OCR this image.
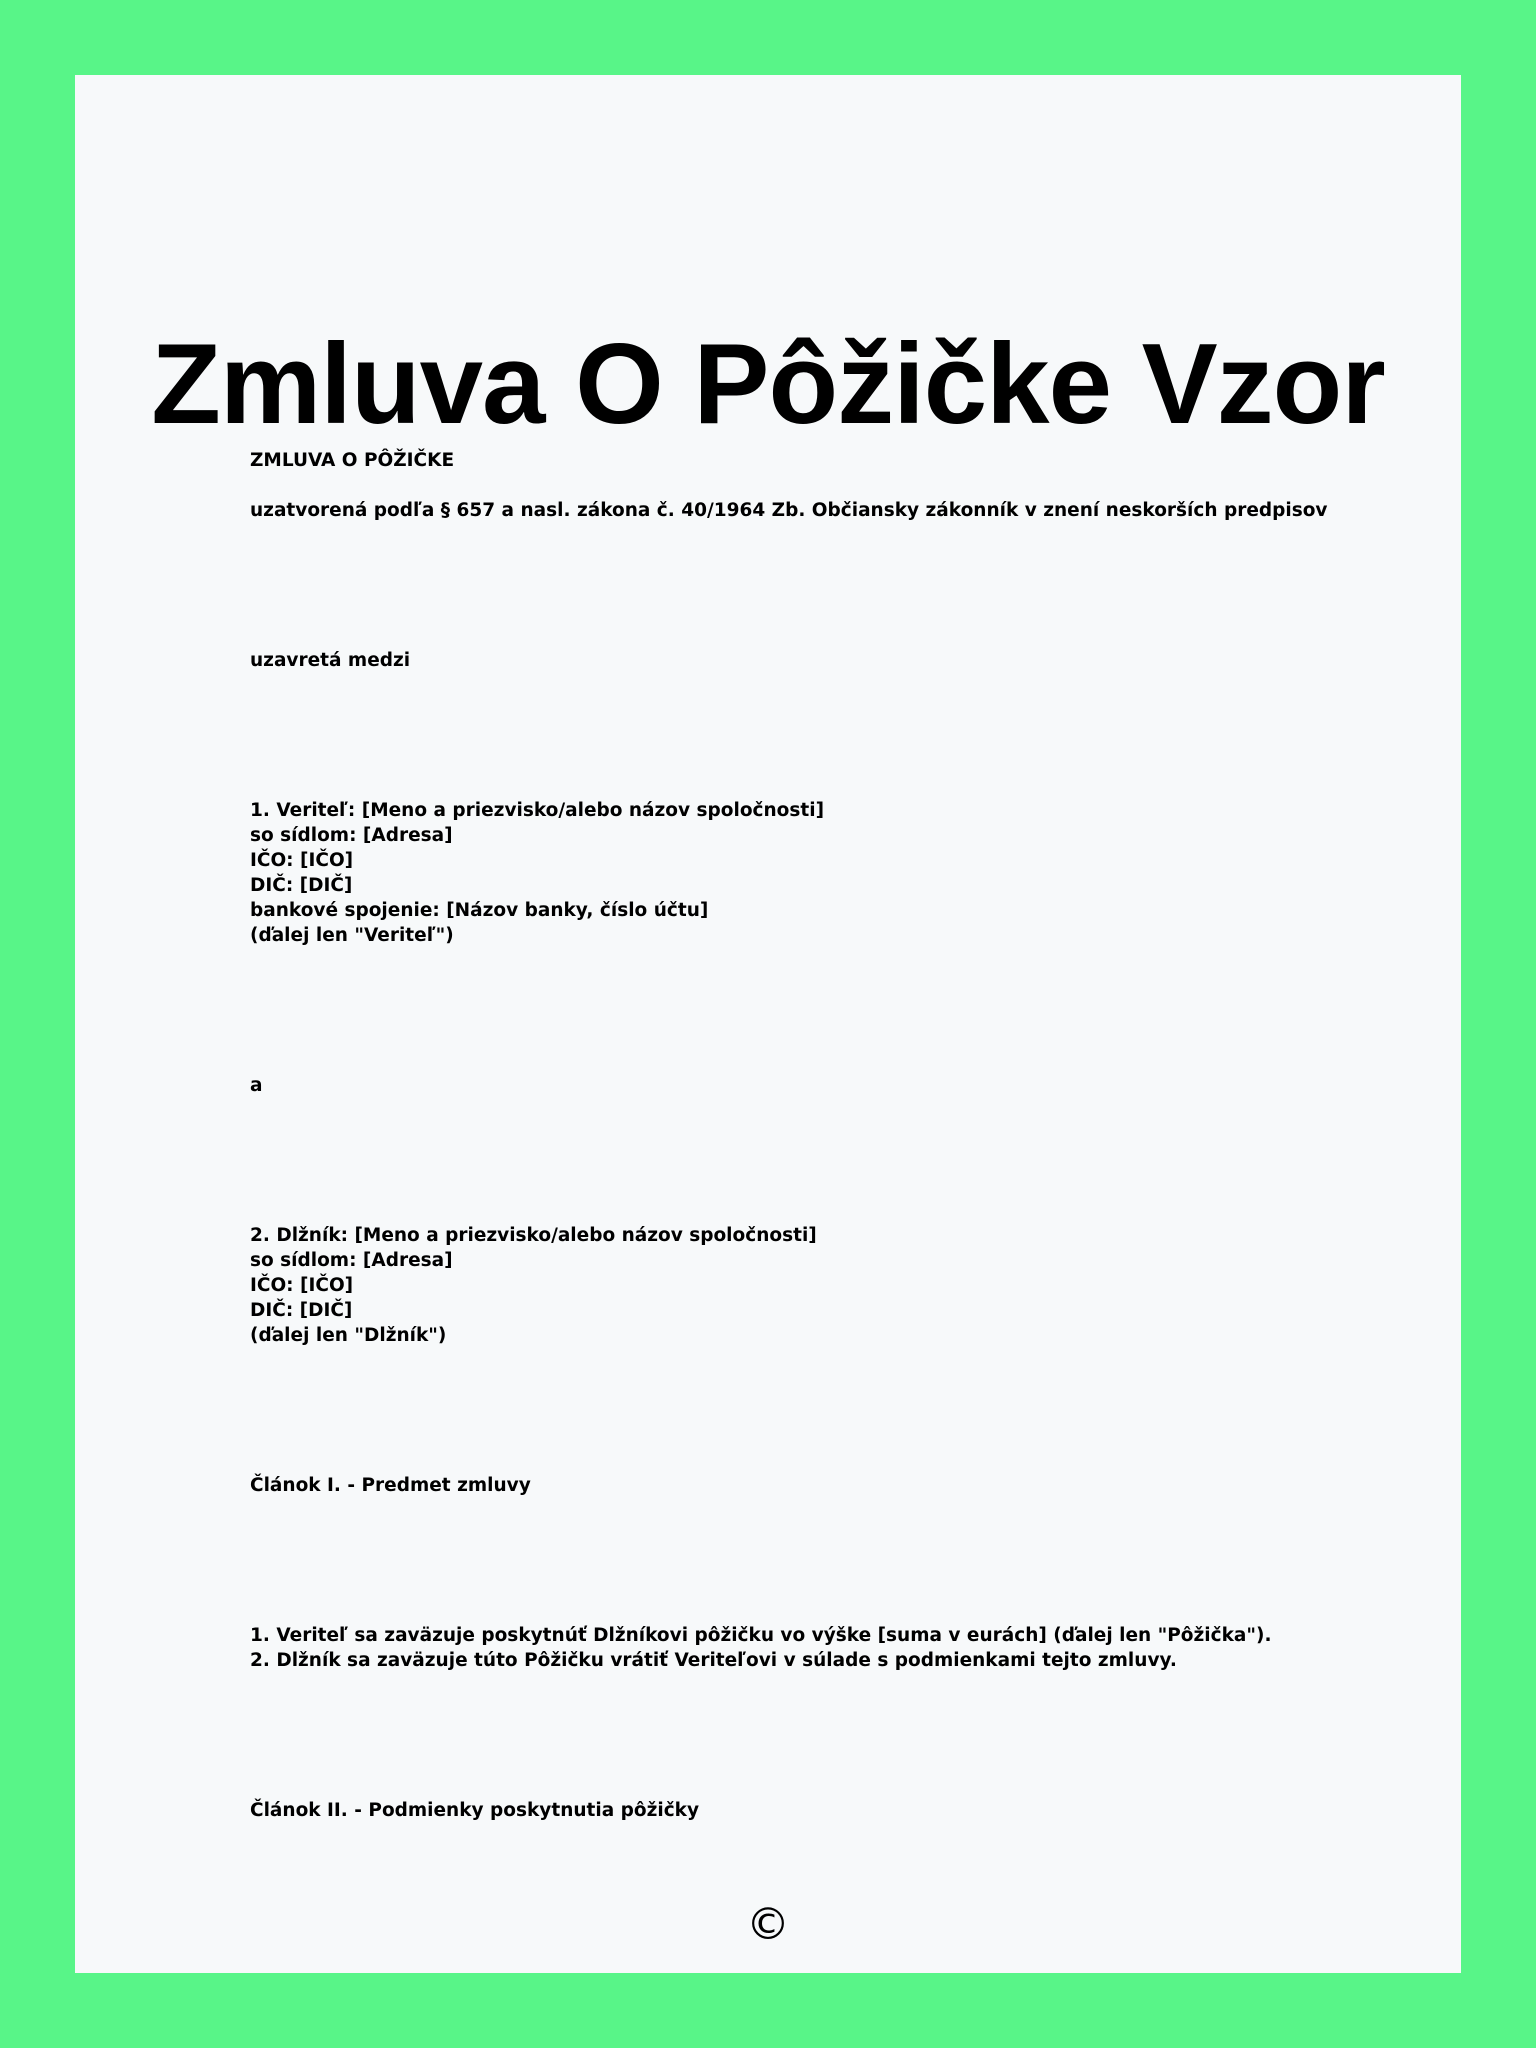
Zmluva O Pôžičke Vzor
ZMLUVA O PÔŽIČKE
uzatvorená podľa § 657 a nasl. zákona č. 40/1964 Zb. Občiansky zákonník v znení neskorších predpisov
uzavretá medzi
1. Veriteľ: [Meno a priezvisko/alebo názov spoločnosti]
so sídlom: [Adresa]
IČO: [IČO]
DIČ: [DIČ]
bankové spojenie: [Názov banky, číslo účtu]
(ďalej len "Veriteľ")
a
2. Dlžník: [Meno a priezvisko/alebo názov spoločnosti]
so sídlom: [Adresa]
IČO: [IČO]
DIČ: [DIČ]
(ďalej len "Dlžník")
Článok I. - Predmet zmluvy
1. Veriteľ sa zaväzuje poskytnúť Dlžníkovi pôžičku vo výške [suma v eurách] (ďalej len "Pôžička").
2. Dlžník sa zaväzuje túto Pôžičku vrátiť Veriteľovi v súlade s podmienkami tejto zmluvy.
Článok II. - Podmienky poskytnutia pôžičky
©
